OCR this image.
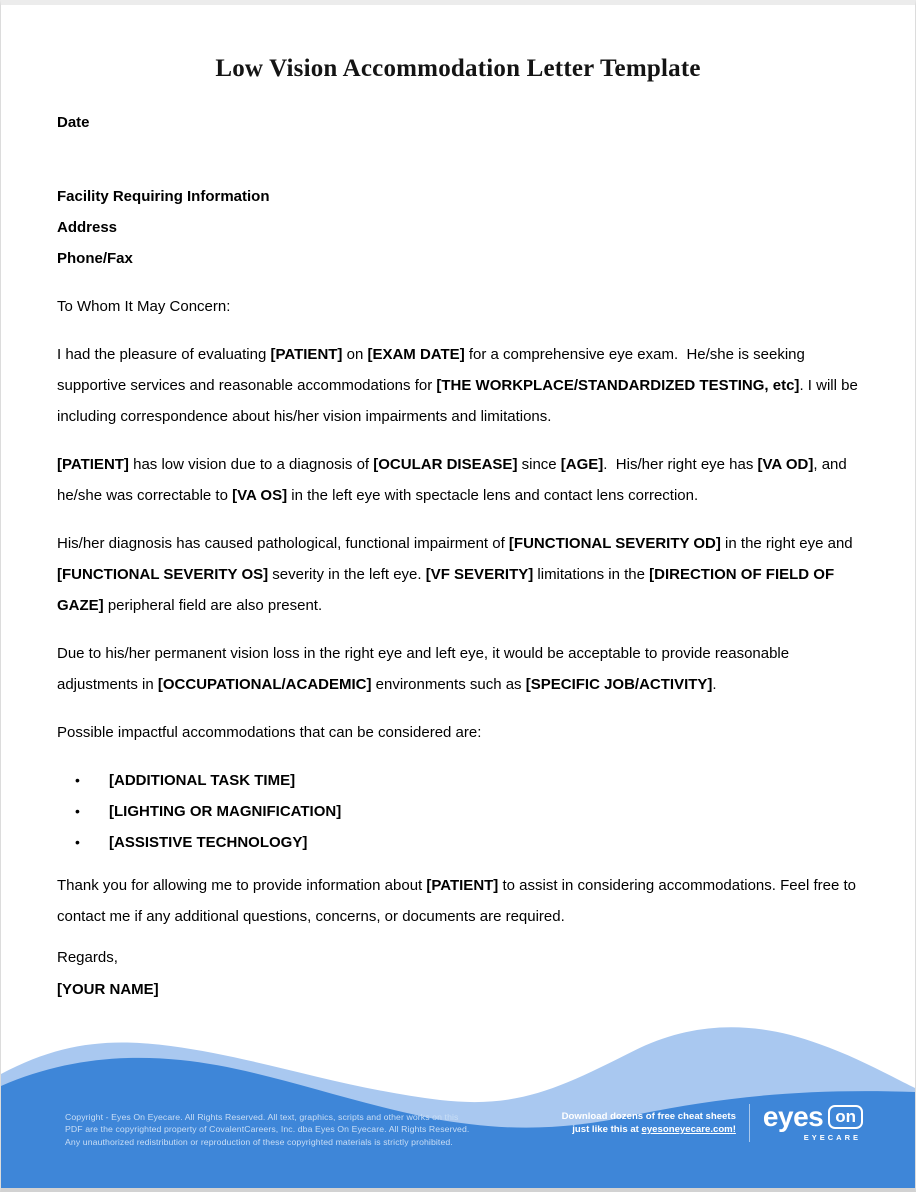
Low Vision Accommodation Letter Template
Date
Facility Requiring Information
Address
Phone/Fax

To Whom It May Concern:

I had the pleasure of evaluating [PATIENT] on [EXAM DATE] for a comprehensive eye exam.  He/she is seeking supportive services and reasonable accommodations for [THE WORKPLACE/STANDARDIZED TESTING, etc]. I will be including correspondence about his/her vision impairments and limitations.

[PATIENT] has low vision due to a diagnosis of [OCULAR DISEASE] since [AGE].  His/her right eye has [VA OD], and he/she was correctable to [VA OS] in the left eye with spectacle lens and contact lens correction.

His/her diagnosis has caused pathological, functional impairment of [FUNCTIONAL SEVERITY OD] in the right eye and [FUNCTIONAL SEVERITY OS] severity in the left eye. [VF SEVERITY] limitations in the [DIRECTION OF FIELD OF GAZE] peripheral field are also present.

Due to his/her permanent vision loss in the right eye and left eye, it would be acceptable to provide reasonable adjustments in [OCCUPATIONAL/ACADEMIC] environments such as [SPECIFIC JOB/ACTIVITY].

Possible impactful accommodations that can be considered are:

• [ADDITIONAL TASK TIME]
• [LIGHTING OR MAGNIFICATION]
• [ASSISTIVE TECHNOLOGY]

Thank you for allowing me to provide information about [PATIENT] to assist in considering accommodations. Feel free to contact me if any additional questions, concerns, or documents are required.

Regards,

[YOUR NAME]

Copyright - Eyes On Eyecare. All Rights Reserved. All text, graphics, scripts and other works on this
PDF are the copyrighted property of CovalentCareers, Inc. dba Eyes On Eyecare. All Rights Reserved.
Any unauthorized redistribution or reproduction of these copyrighted materials is strictly prohibited.
Download dozens of free cheat sheets
just like this at eyesoneyecare.com! eyes on
EYECARE
